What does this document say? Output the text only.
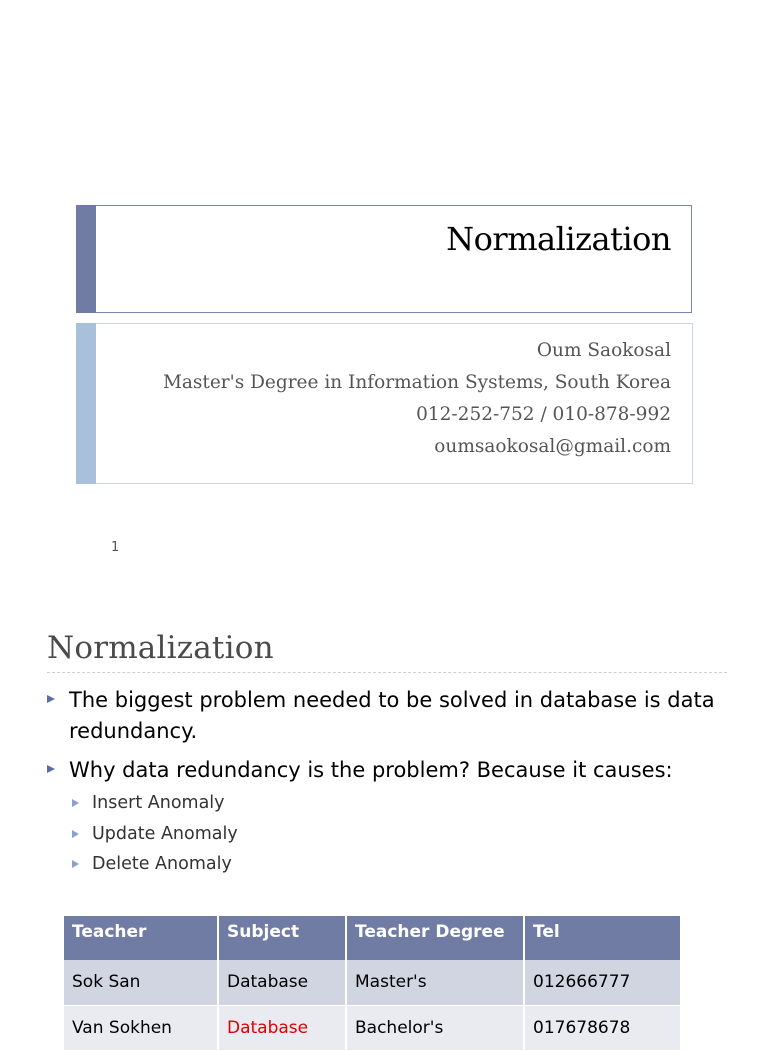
Normalization
Oum Saokosal
Master's Degree in Information Systems, South Korea
012-252-752 / 010-878-992
oumsaokosal@gmail.com
1
Normalization
The biggest problem needed to be solved in database is data redundancy.
Why data redundancy is the problem? Because it causes:
Insert Anomaly
Update Anomaly
Delete Anomaly
Teacher	Subject	Teacher Degree	Tel
Sok San	Database	Master's	012666777
Van Sokhen	Database	Bachelor's	017678678
